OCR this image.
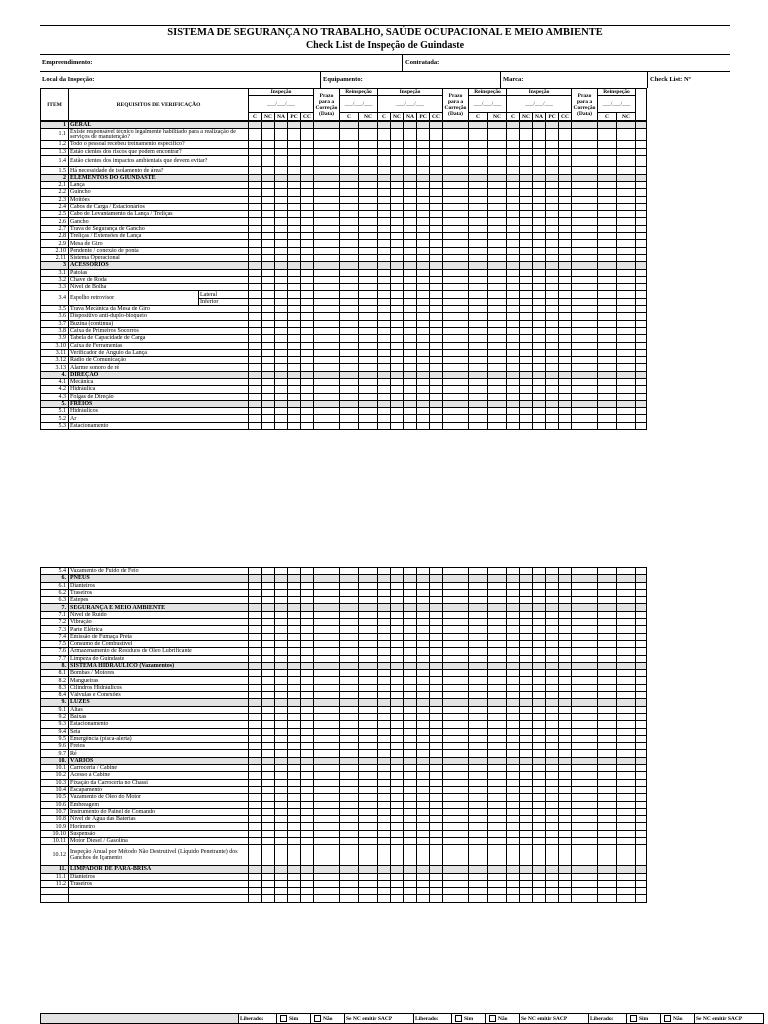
SISTEMA DE SEGURANÇA NO TRABALHO, SAÚDE OCUPACIONAL E MEIO AMBIENTE
Check List de Inspeção de Guindaste
Empreendimento:	Contratada:
Local da Inspeção:	Equipamento:	Marca:	Check List: Nº
ITEM	REQUISITOS DE VERIFICAÇÃO	Inspeção					Prazo para a Correção (Data)	Reinspeção		Inspeção					Prazo para a Correção (Data)	Reinspeção		Inspeção					Prazo para a Correção (Data)	Reinspeção		
		___/___/___						___/___/___		___/___/___						___/___/___		___/___/___						___/___/___		
		C	NC	NA	PC	CC		C	NC	C	NC	NA	PC	CC		C	NC	C	NC	NA	PC	CC		C	NC	
1	GERAL																										
1.1	Existe responsável técnico legalmente habilitado para a realização de serviços de manutenção?																										
1.2	Todo o pessoal recebeu treinamento específico?																										
1.3	Estão cientes dos riscos que podem encontrar?																										
1.4	Estão cientes dos impactos ambientais que devem evitar?																										
1.5	Há necessidade de isolamento de área?																										
2	ELEMENTOS DO GIUNDASTE																										
2.1	Lança																										
2.2	Guincho																										
2.3	Moitões																										
2.4	Cabos de Carga / Estacionários																										
2.5	Cabo de Levantamento da Lança / Treliças																										
2.6	Gancho																										
2.7	Trava de Segurança de Gancho																										
2.8	Treliças / Extensões de Lança																										
2.9	Mesa de Giro																										
2.10	Pendente / conexão de ponta																										
2.11	Sistema Operacional																										
3	ACESSÓRIOS																										
3.1	Patolas																										
3.2	Chave de Roda																										
3.3	Nível de Bolha																										
3.4	Espelho retrovisor	Lateral																									
		Inferior																									
3.5	Trava Mecânica da Mesa de Giro																										
3.6	Dispositivo anti-duplo-bloqueio																										
3.7	Buzina (contínua)																										
3.8	Caixa de Primeiros Socorros																										
3.9	Tabela de Capacidade de Carga																										
3.10	Caixa de Ferramentas																										
3.11	Verificador de Ângulo da Lança																										
3.12	Rádio de Comunicação																										
3.13	Alarme sonoro de ré																										
4.	DIREÇÃO																										
4.1	Mecânica																										
4.2	Hidráulica																										
4.3	Folgas de Direção																										
5.	FREIOS																										
5.1	Hidráulicos																										
5.2	Ar																										
5.3	Estacionamento																										
5.4	Vazamento de Fuido de Feio																									
6.	PNEUS																									
6.1	Dianteiros																									
6.2	Traseiros																									
6.3	Estepes																									
7.	SEGURANÇA E MEIO AMBIENTE																									
7.1	Nível de Ruído																									
7.2	Vibração																									
7.3	Parte Elétrica																									
7.4	Emissão de Fumaça Preta																									
7.5	Consumo de Combustível																									
7.6	Armazenamento de Resíduos de Óleo Lubrificante																									
7.7	Limpeza do Guindaste																									
8.	SISTEMA HIDRAULICO (Vazamentos)																									
8.1	Bombas / Motores																									
8.2	Mangueiras																									
8.3	Cilindros Hidráulicos																									
8.4	Válvulas e Conexões																									
9.	LUZES																									
9.1	Altas																									
9.2	Baixas																									
9.3	Estacionamento																									
9.4	Seta																									
9.5	Emergência (pisca-alerta)																									
9.6	Freios																									
9.7	Ré																									
10.	VÁRIOS																									
10.1	Carroceria / Cabine																									
10.2	Acesso à Cabine																									
10.3	Fixação da Carroceria no Chassi																									
10.4	Escapamento																									
10.5	Vazamento de Óleo do Motor																									
10.6	Embreagem																									
10.7	Instrumento do Painel de Comando																									
10.8	Nível de Água das Baterias																									
10.9	Horímetro																									
10.10	Suspensão																									
10.11	Motor Diesel / Gasolina																									
10.12	Inspeção Anual por Método Não Destrutivel (Líquido Penetrante) dos Ganchos de Içamento																									
11.	LIMPADOR DE PÁRA-BRISA																									
11.1	Dianteiros																									
11.2	Traseiros																									

	Liberado:	Sim	Não	Se NC emitir SACP	Liberado:	Sim	Não	Se NC emitir SACP	Liberado:	Sim	Não	Se NC emitir SACP
